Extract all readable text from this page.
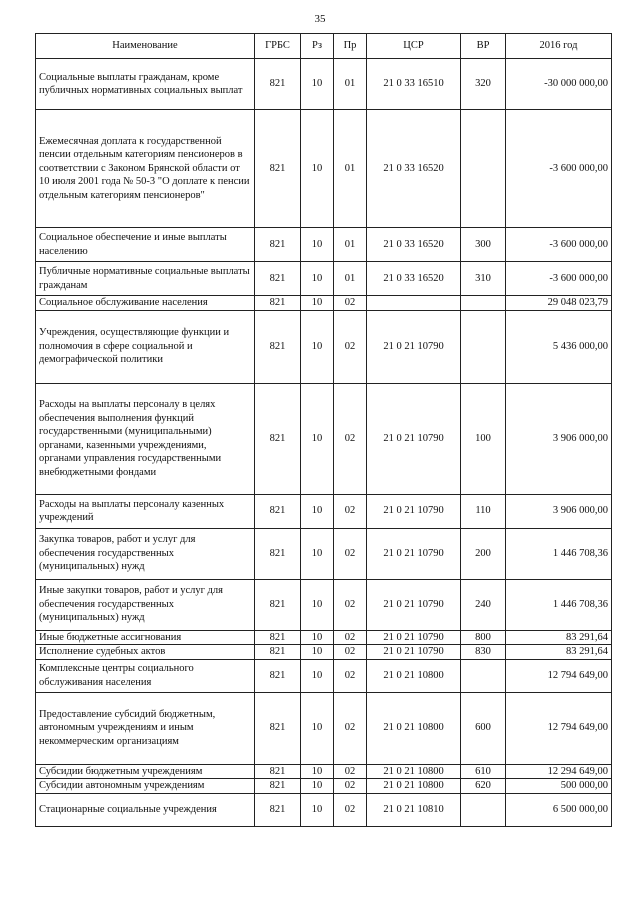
35
Наименование	ГРБС	Рз	Пр	ЦСР	ВР	2016 год
Социальные выплаты гражданам, кроме публичных нормативных социальных выплат	821	10	01	21 0 33 16510	320	-30 000 000,00
Ежемесячная доплата к государственной пенсии отдельным категориям пенсионеров в соответствии с Законом Брянской области от 10 июля 2001 года № 50-3 "О доплате к пенсии отдельным категориям пенсионеров"	821	10	01	21 0 33 16520		-3 600 000,00
Социальное обеспечение и иные выплаты населению	821	10	01	21 0 33 16520	300	-3 600 000,00
Публичные нормативные социальные выплаты гражданам	821	10	01	21 0 33 16520	310	-3 600 000,00
Социальное обслуживание населения	821	10	02			29 048 023,79
Учреждения, осуществляющие функции и полномочия в сфере социальной и демографической политики	821	10	02	21 0 21 10790		5 436 000,00
Расходы на выплаты персоналу в целях обеспечения выполнения функций государственными (муниципальными) органами, казенными учреждениями, органами управления государственными внебюджетными фондами	821	10	02	21 0 21 10790	100	3 906 000,00
Расходы на выплаты персоналу казенных учреждений	821	10	02	21 0 21 10790	110	3 906 000,00
Закупка товаров, работ и услуг для обеспечения государственных (муниципальных) нужд	821	10	02	21 0 21 10790	200	1 446 708,36
Иные закупки товаров, работ и услуг для обеспечения государственных (муниципальных) нужд	821	10	02	21 0 21 10790	240	1 446 708,36
Иные бюджетные ассигнования	821	10	02	21 0 21 10790	800	83 291,64
Исполнение судебных актов	821	10	02	21 0 21 10790	830	83 291,64
Комплексные центры социального обслуживания населения	821	10	02	21 0 21 10800		12 794 649,00
Предоставление субсидий бюджетным, автономным учреждениям и иным некоммерческим организациям	821	10	02	21 0 21 10800	600	12 794 649,00
Субсидии бюджетным учреждениям	821	10	02	21 0 21 10800	610	12 294 649,00
Субсидии автономным учреждениям	821	10	02	21 0 21 10800	620	500 000,00
Стационарные социальные учреждения	821	10	02	21 0 21 10810		6 500 000,00
